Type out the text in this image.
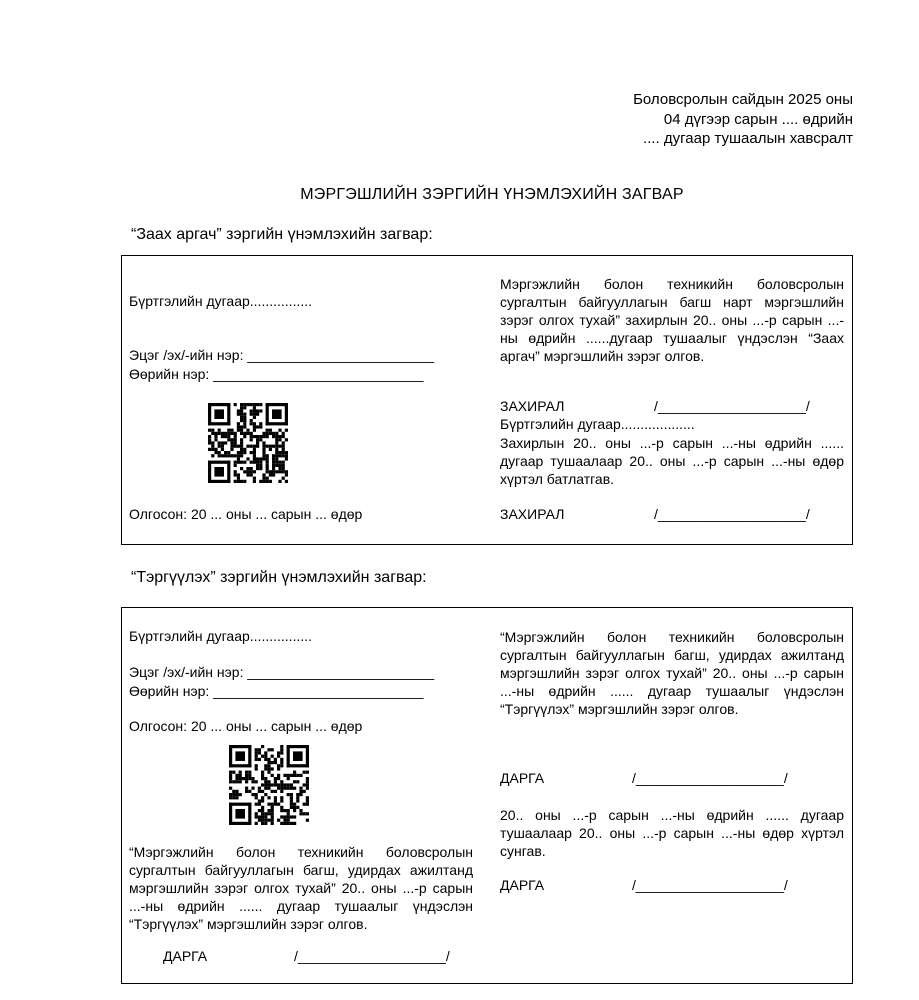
Боловсролын сайдын 2025 оны
04 дүгээр сарын .... өдрийн
.... дугаар тушаалын хавсралт
МЭРГЭШЛИЙН ЗЭРГИЙН ҮНЭМЛЭХИЙН ЗАГВАР
“Заах аргач” зэргийн үнэмлэхийн загвар:
Бүртгэлийн дугаар................
Эцэг /эх/-ийн нэр: ________________________
Өөрийн нэр: ___________________________
Олгосон: 20 ... оны ... сарын ... өдөр
Мэргэжлийн болон техникийн боловсролын сургалтын байгууллагын багш нарт мэргэшлийн зэрэг олгох тухай” захирлын 20.. оны ...-р сарын ...-ны өдрийн ......дугаар тушаалыг үндэслэн “Заах аргач” мэргэшлийн зэрэг олгов.
ЗАХИРАЛ	/___________________/
Бүртгэлийн дугаар...................
Захирлын 20.. оны ...-р сарын ...-ны өдрийн ...... дугаар тушаалаар 20.. оны ...-р сарын ...-ны өдөр хүртэл батлатгав.
ЗАХИРАЛ	/___________________/
“Тэргүүлэх” зэргийн үнэмлэхийн загвар:
Бүртгэлийн дугаар................
Эцэг /эх/-ийн нэр: ________________________
Өөрийн нэр: ___________________________
Олгосон: 20 ... оны ... сарын ... өдөр
“Мэргэжлийн болон техникийн боловсролын сургалтын байгууллагын багш, удирдах ажилтанд мэргэшлийн зэрэг олгох тухай” 20.. оны ...-р сарын ...-ны өдрийн ...... дугаар тушаалыг үндэслэн “Тэргүүлэх” мэргэшлийн зэрэг олгов.
ДАРГА	/___________________/
“Мэргэжлийн болон техникийн боловсролын сургалтын байгууллагын багш, удирдах ажилтанд мэргэшлийн зэрэг олгох тухай” 20.. оны ...-р сарын ...-ны өдрийн ...... дугаар тушаалыг үндэслэн “Тэргүүлэх” мэргэшлийн зэрэг олгов.
ДАРГА	/___________________/
20.. оны ...-р сарын ...-ны өдрийн ...... дугаар тушаалаар 20.. оны ...-р сарын ...-ны өдөр хүртэл сунгав.
ДАРГА	/___________________/
